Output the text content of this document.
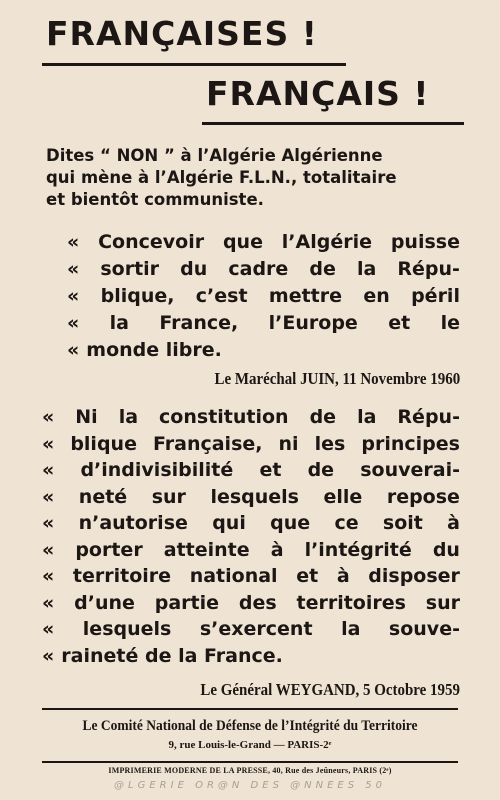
FRANÇAISES !
FRANÇAIS !
Dites “ NON ” à l’Algérie Algérienne
qui mène à l’Algérie F.L.N., totalitaire
et bientôt communiste.
« Concevoir que l’Algérie puisse
« sortir du cadre de la Répu-
« blique, c’est mettre en péril
« la France, l’Europe et le
« monde libre.
Le Maréchal JUIN, 11 Novembre 1960
« Ni la constitution de la Répu-
« blique Française, ni les principes
« d’indivisibilité et de souverai-
« neté sur lesquels elle repose
« n’autorise qui que ce soit à
« porter atteinte à l’intégrité du
« territoire national et à disposer
« d’une partie des territoires sur
« lesquels s’exercent la souve-
« raineté de la France.
Le Général WEYGAND, 5 Octobre 1959
Le Comité National de Défense de l’Intégrité du Territoire
9, rue Louis-le-Grand — PARIS-2ᵉ
IMPRIMERIE MODERNE DE LA PRESSE, 40, Rue des Jeûneurs, PARIS (2ᵉ)
@LGERIE OR@N DES @NNEES 50
